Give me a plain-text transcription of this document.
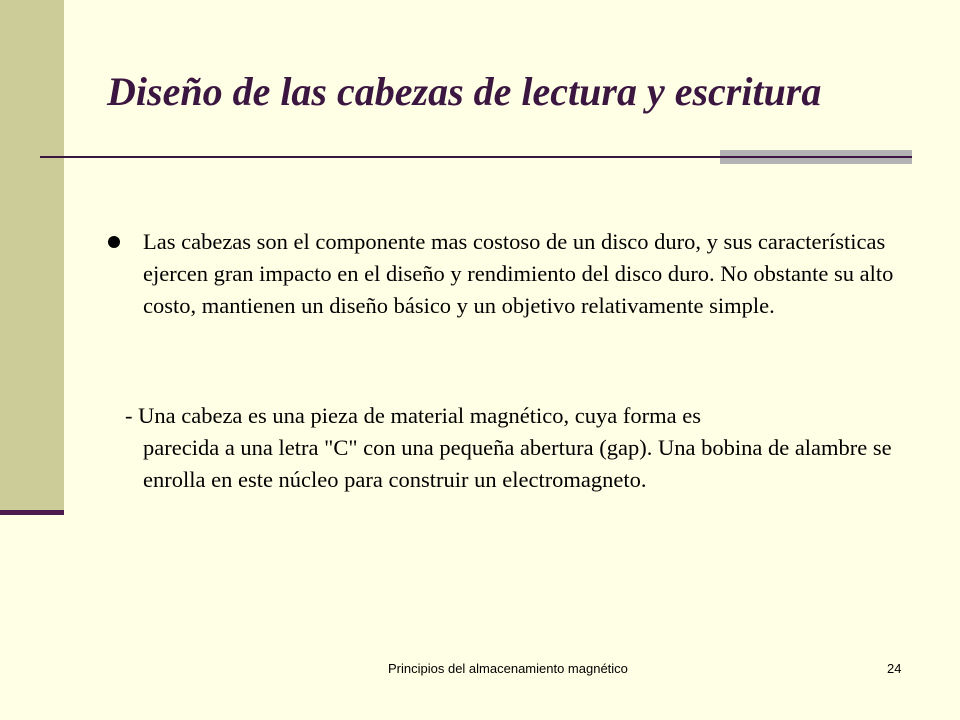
Diseño de las cabezas de lectura y escritura

Las cabezas son el componente mas costoso de un disco duro, y sus características ejercen gran impacto en el diseño y rendimiento del disco duro. No obstante su alto costo, mantienen un diseño básico y un objetivo relativamente simple.

- Una cabeza es una pieza de material magnético, cuya forma es
parecida a una letra "C" con una pequeña abertura (gap). Una bobina de alambre se enrolla en este núcleo para construir un electromagneto.

Principios del almacenamiento magnético	24
